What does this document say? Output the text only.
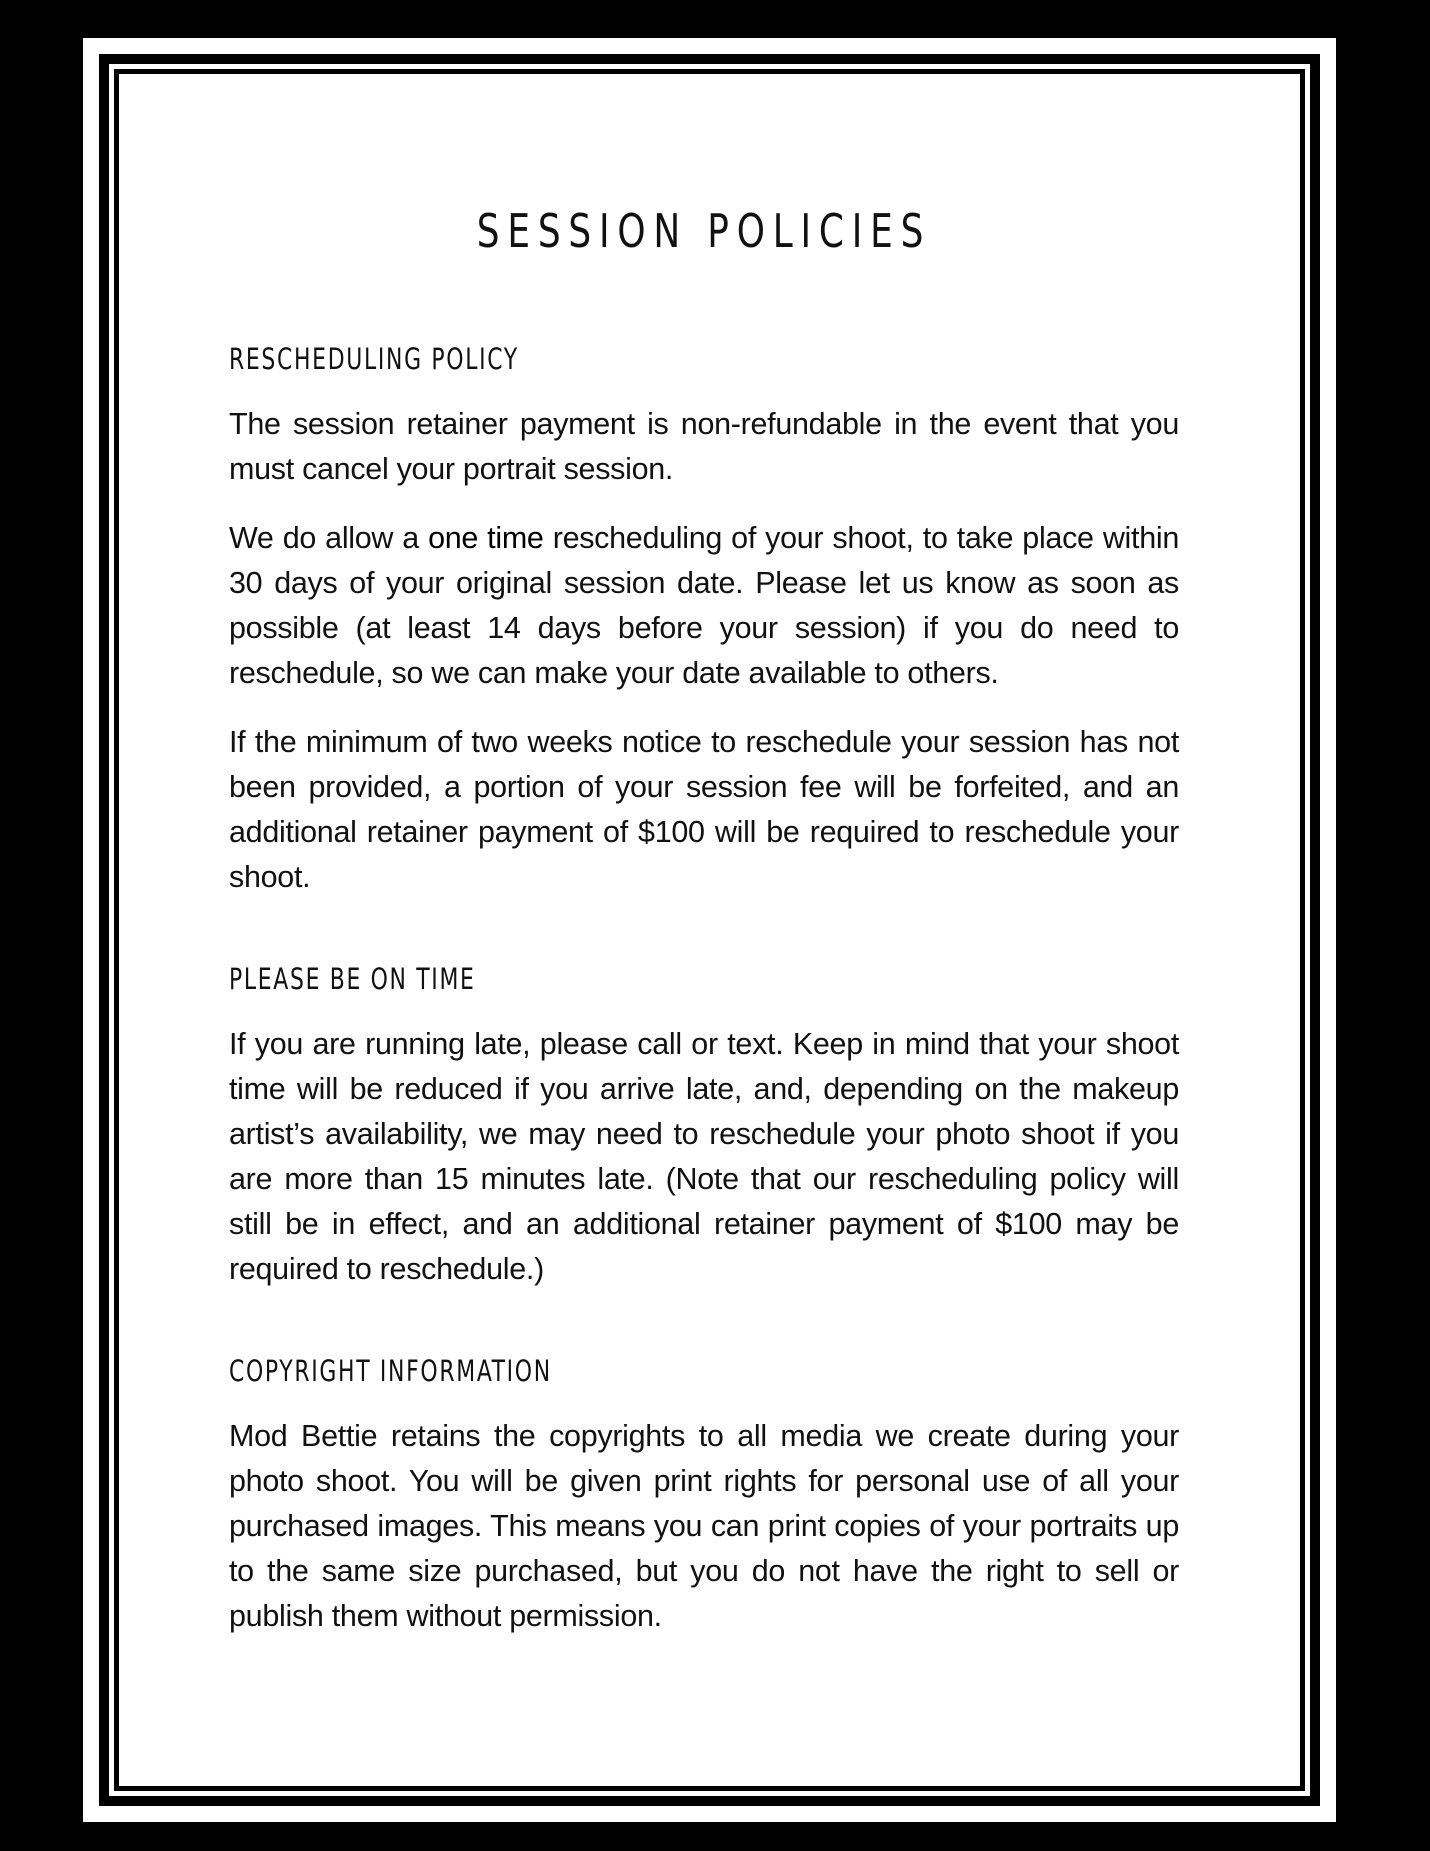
SESSION POLICIES
RESCHEDULING POLICY

The session retainer payment is non-refundable in the event that you must cancel your portrait session.

We do allow a one time rescheduling of your shoot, to take place within 30 days of your original session date. Please let us know as soon as possible (at least 14 days before your session) if you do need to reschedule, so we can make your date available to others.

If the minimum of two weeks notice to reschedule your session has not been provided, a portion of your session fee will be forfeited, and an additional retainer payment of $100 will be required to reschedule your shoot.

PLEASE BE ON TIME

If you are running late, please call or text. Keep in mind that your shoot time will be reduced if you arrive late, and, depending on the makeup artist’s availability, we may need to reschedule your photo shoot if you are more than 15 minutes late. (Note that our rescheduling policy will still be in effect, and an additional retainer payment of $100 may be required to reschedule.)

COPYRIGHT INFORMATION

Mod Bettie retains the copyrights to all media we create during your photo shoot. You will be given print rights for personal use of all your purchased images. This means you can print copies of your portraits up to the same size purchased, but you do not have the right to sell or publish them without permission.
